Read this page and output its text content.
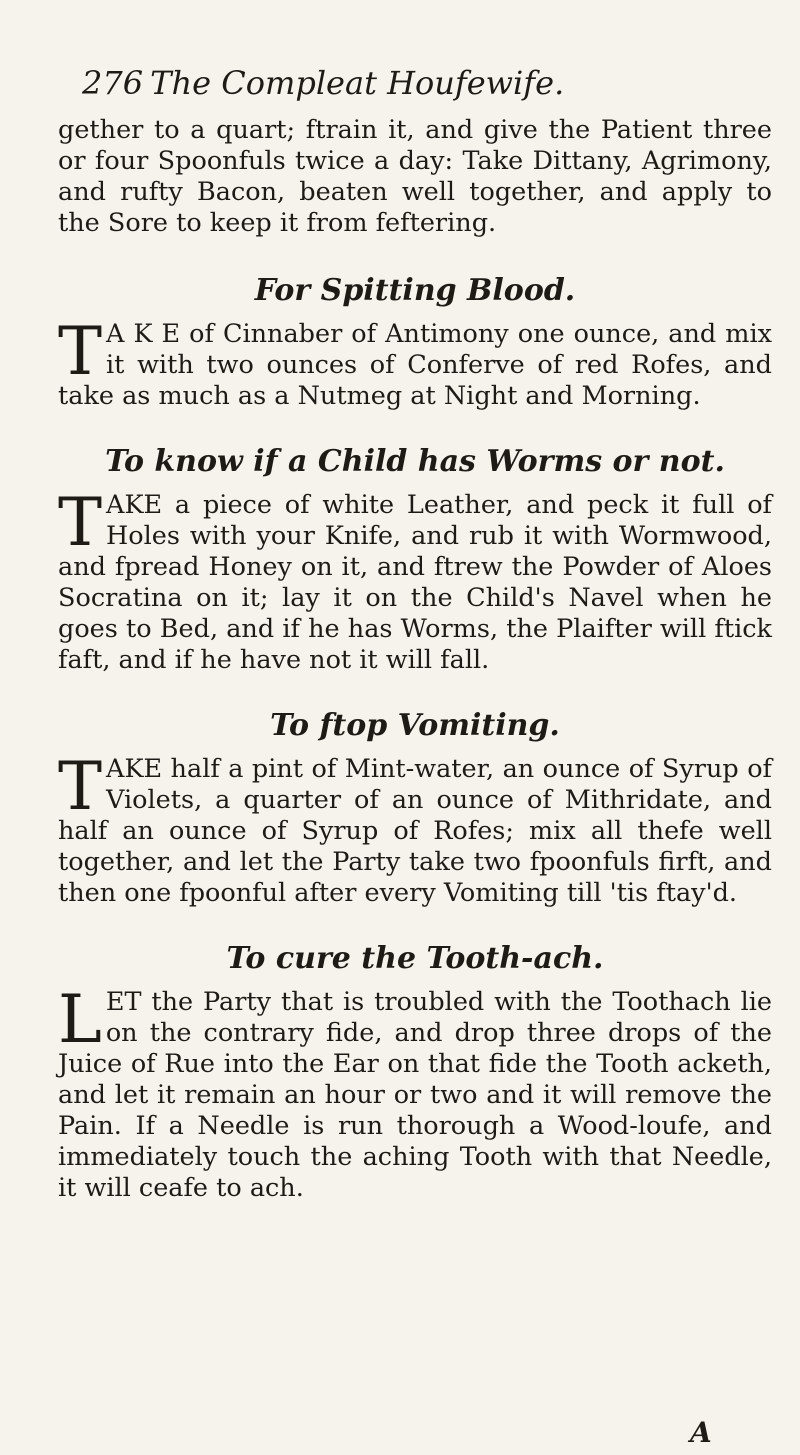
276 The Compleat Houfewife.

gether to a quart; ftrain it, and give the Patient three or four Spoonfuls twice a day: Take Dittany, Agrimony, and rufty Bacon, beaten well together, and apply to the Sore to keep it from feftering.

For Spitting Blood.

T A K E of Cinnaber of Antimony one ounce, and mix it with two ounces of Conferve of red Rofes, and take as much as a Nutmeg at Night and Morning.

To know if a Child has Worms or not.

TAKE a piece of white Leather, and peck it full of Holes with your Knife, and rub it with Wormwood, and fpread Honey on it, and ftrew the Powder of Aloes Socratina on it; lay it on the Child's Navel when he goes to Bed, and if he has Worms, the Plaifter will ftick faft, and if he have not it will fall.

To ftop Vomiting.

TAKE half a pint of Mint-water, an ounce of Syrup of Violets, a quarter of an ounce of Mithridate, and half an ounce of Syrup of Rofes; mix all thefe well together, and let the Party take two fpoonfuls firft, and then one fpoonful after every Vomiting till 'tis ftay'd.

To cure the Tooth-ach.

LET the Party that is troubled with the Toothach lie on the contrary fide, and drop three drops of the Juice of Rue into the Ear on that fide the Tooth acketh, and let it remain an hour or two and it will remove the Pain. If a Needle is run thorough a Wood-loufe, and immediately touch the aching Tooth with that Needle, it will ceafe to ach.

A
